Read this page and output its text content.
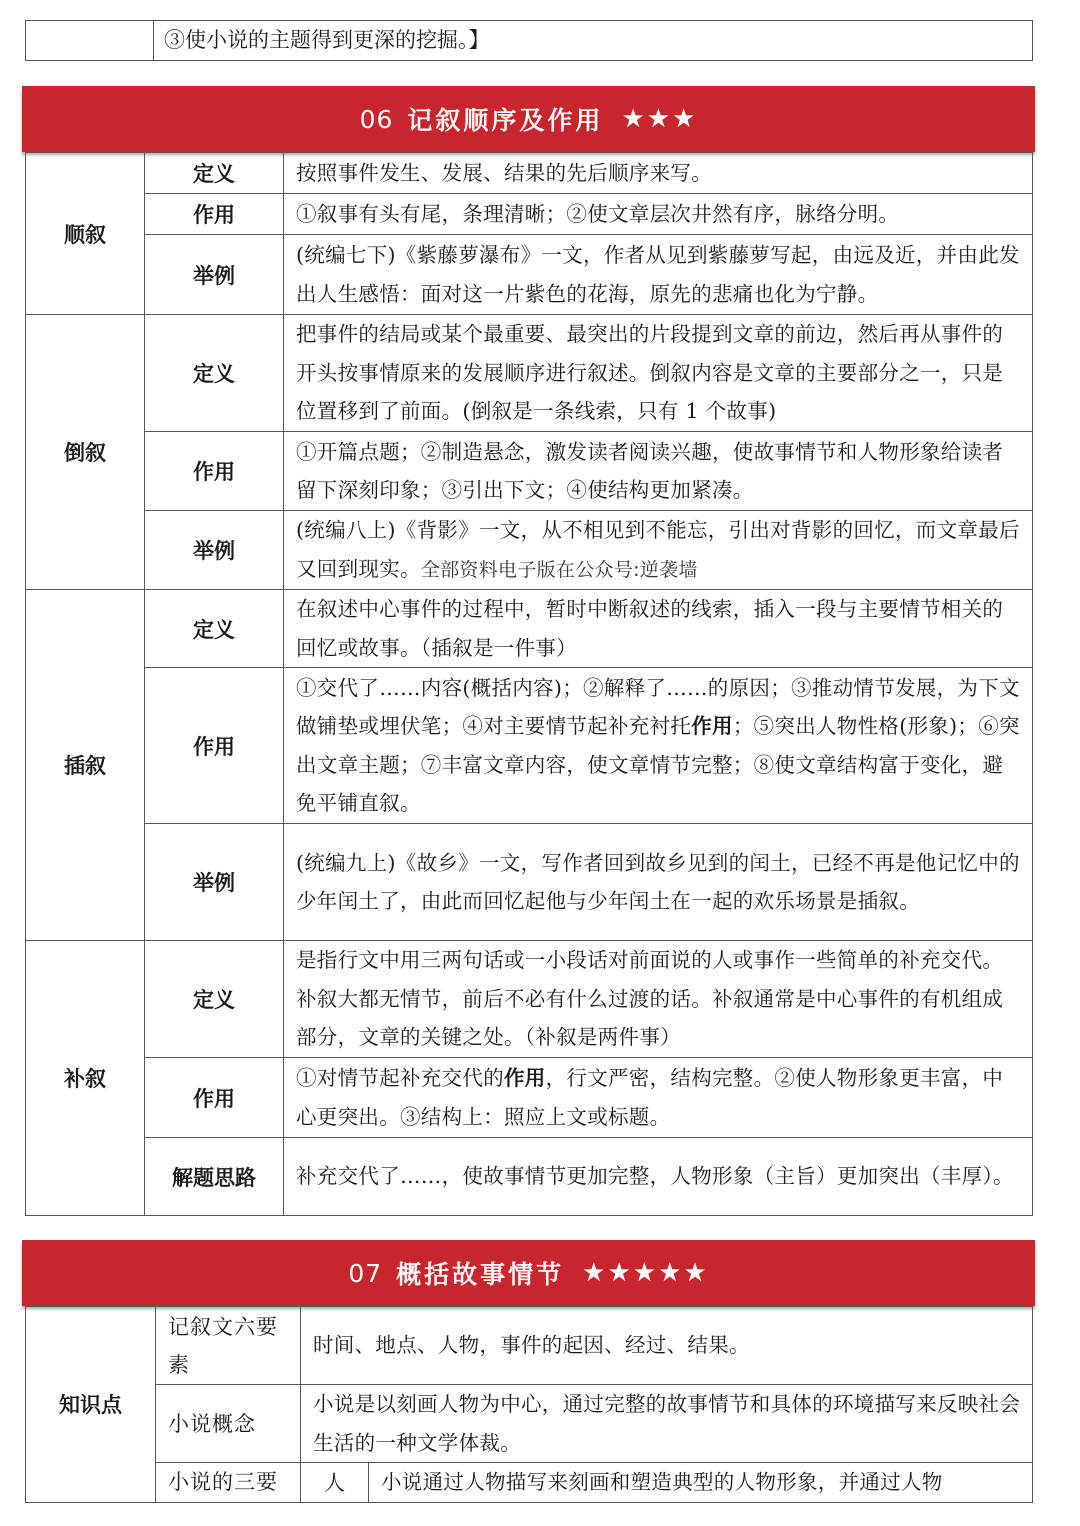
③使小说的主题得到更深的挖掘。】
06 记叙顺序及作用 ★★★
顺叙	定义	按照事件发生、发展、结果的先后顺序来写。
	作用	①叙事有头有尾，条理清晰；②使文章层次井然有序，脉络分明。
	举例	(统编七下)《紫藤萝瀑布》一文，作者从见到紫藤萝写起，由远及近，并由此发出人生感悟：面对这一片紫色的花海，原先的悲痛也化为宁静。
倒叙	定义	把事件的结局或某个最重要、最突出的片段提到文章的前边，然后再从事件的开头按事情原来的发展顺序进行叙述。倒叙内容是文章的主要部分之一，只是位置移到了前面。(倒叙是一条线索，只有 1 个故事)
	作用	①开篇点题；②制造悬念，激发读者阅读兴趣，使故事情节和人物形象给读者留下深刻印象；③引出下文；④使结构更加紧凑。
	举例	(统编八上)《背影》一文，从不相见到不能忘，引出对背影的回忆，而文章最后又回到现实。全部资料电子版在公众号:逆袭墙
插叙	定义	在叙述中心事件的过程中，暂时中断叙述的线索，插入一段与主要情节相关的回忆或故事。（插叙是一件事）
	作用	①交代了……内容(概括内容)；②解释了……的原因；③推动情节发展，为下文做铺垫或埋伏笔；④对主要情节起补充衬托作用；⑤突出人物性格(形象)；⑥突出文章主题；⑦丰富文章内容，使文章情节完整；⑧使文章结构富于变化，避免平铺直叙。
	举例	(统编九上)《故乡》一文，写作者回到故乡见到的闰土，已经不再是他记忆中的少年闰土了，由此而回忆起他与少年闰土在一起的欢乐场景是插叙。
补叙	定义	是指行文中用三两句话或一小段话对前面说的人或事作一些简单的补充交代。补叙大都无情节，前后不必有什么过渡的话。补叙通常是中心事件的有机组成部分，文章的关键之处。（补叙是两件事）
	作用	①对情节起补充交代的作用，行文严密，结构完整。②使人物形象更丰富，中心更突出。③结构上：照应上文或标题。
	解题思路	补充交代了……，使故事情节更加完整，人物形象（主旨）更加突出（丰厚）。
07 概括故事情节 ★★★★★
知识点	记叙文六要素	时间、地点、人物，事件的起因、经过、结果。	
	小说概念	小说是以刻画人物为中心，通过完整的故事情节和具体的环境描写来反映社会生活的一种文学体裁。	
	小说的三要	人	小说通过人物描写来刻画和塑造典型的人物形象，并通过人物
